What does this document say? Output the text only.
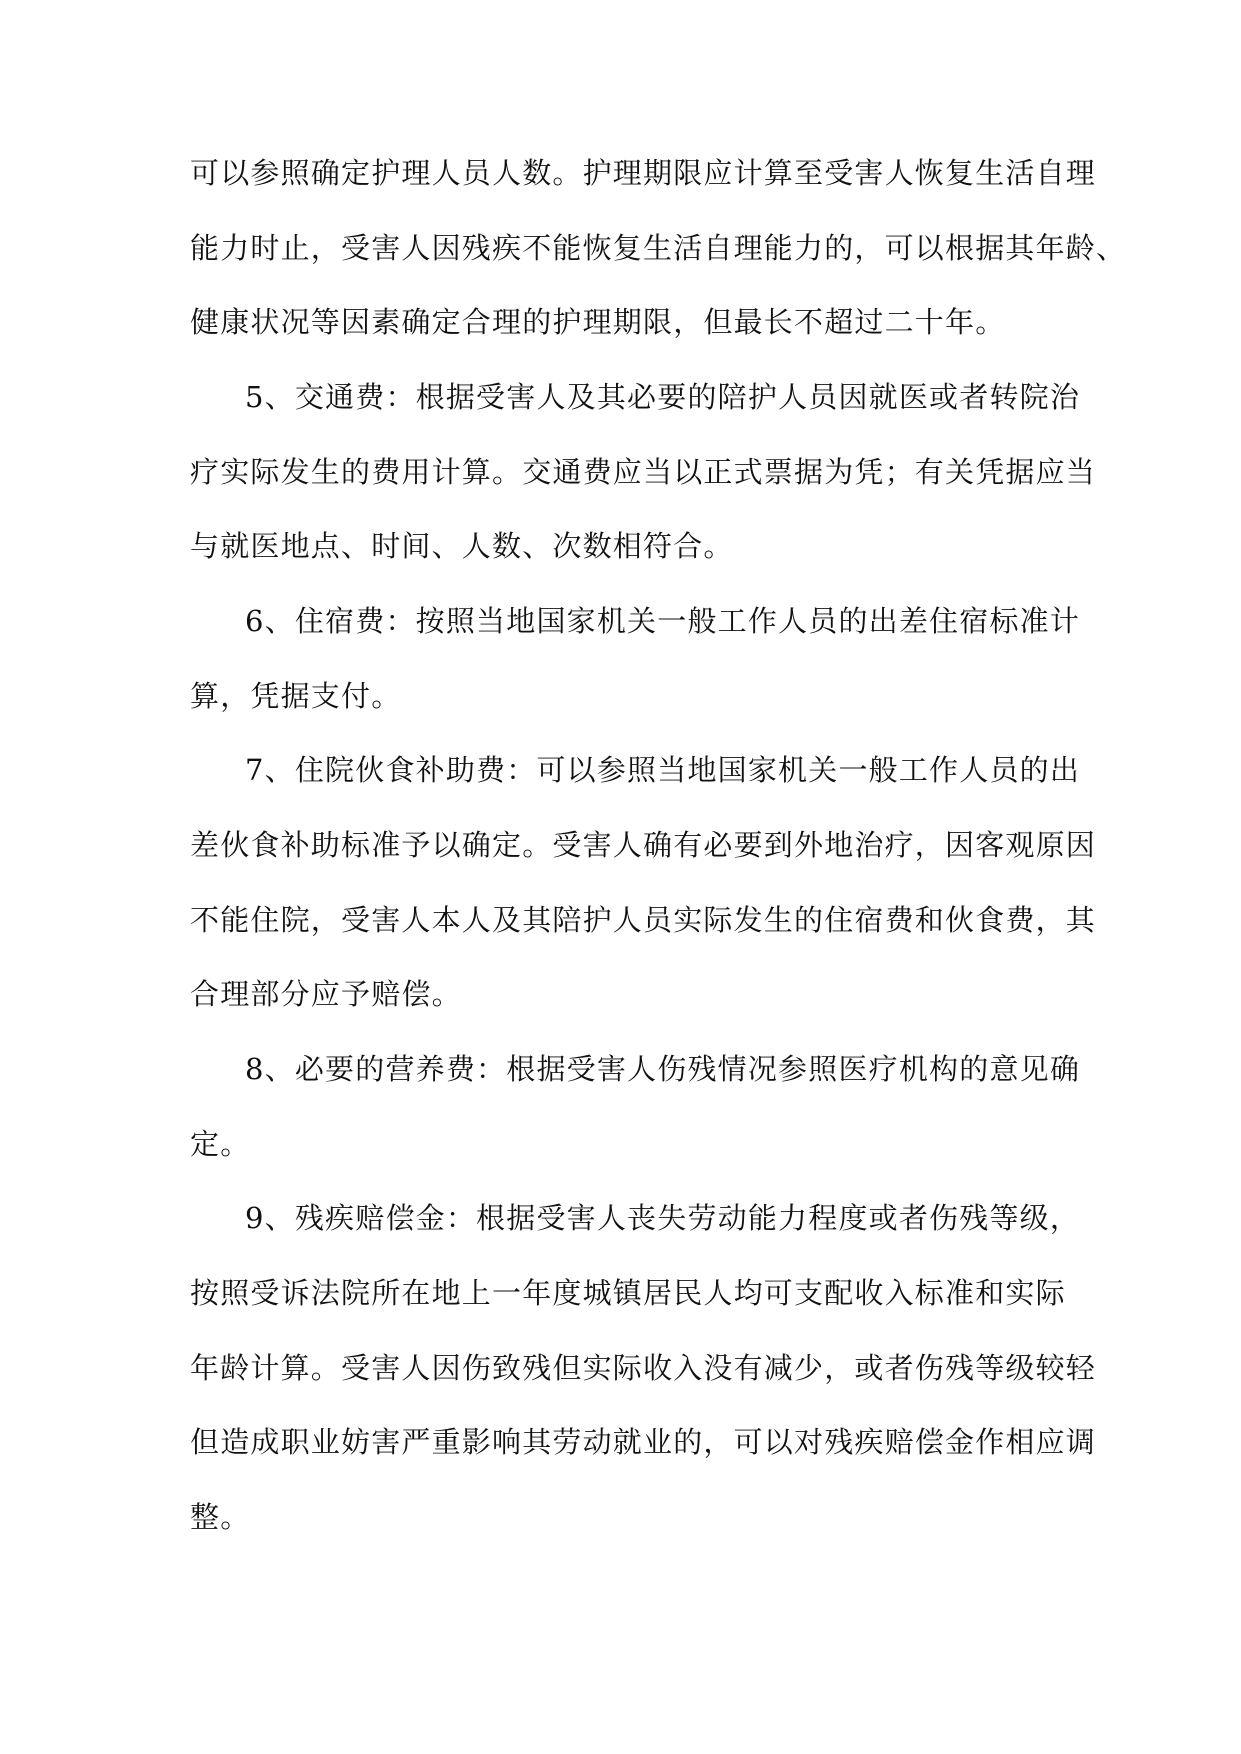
可以参照确定护理人员人数。护理期限应计算至受害人恢复生活自理
能力时止，受害人因残疾不能恢复生活自理能力的，可以根据其年龄、
健康状况等因素确定合理的护理期限，但最长不超过二十年。
5、交通费：根据受害人及其必要的陪护人员因就医或者转院治
疗实际发生的费用计算。交通费应当以正式票据为凭；有关凭据应当
与就医地点、时间、人数、次数相符合。
6、住宿费：按照当地国家机关一般工作人员的出差住宿标准计
算，凭据支付。
7、住院伙食补助费：可以参照当地国家机关一般工作人员的出
差伙食补助标准予以确定。受害人确有必要到外地治疗，因客观原因
不能住院，受害人本人及其陪护人员实际发生的住宿费和伙食费，其
合理部分应予赔偿。
8、必要的营养费：根据受害人伤残情况参照医疗机构的意见确
定。
9、残疾赔偿金：根据受害人丧失劳动能力程度或者伤残等级，
按照受诉法院所在地上一年度城镇居民人均可支配收入标准和实际
年龄计算。受害人因伤致残但实际收入没有减少，或者伤残等级较轻
但造成职业妨害严重影响其劳动就业的，可以对残疾赔偿金作相应调
整。
